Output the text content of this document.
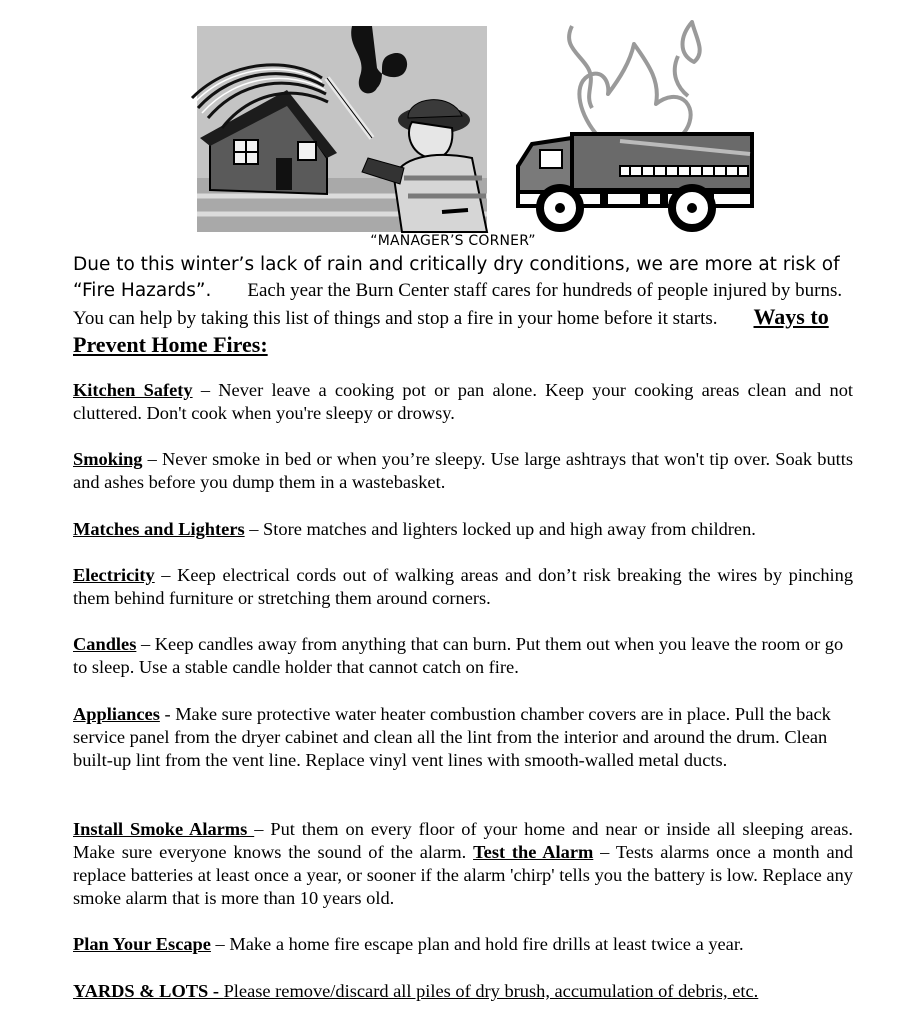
“MANAGER’S CORNER”
Due to this winter’s lack of rain and critically dry conditions, we are more at risk of “Fire Hazards”. Each year the Burn Center staff cares for hundreds of people injured by burns. You can help by taking this list of things and stop a fire in your home before it starts. Ways to Prevent Home Fires:
Kitchen Safety – Never leave a cooking pot or pan alone. Keep your cooking areas clean and not cluttered. Don't cook when you're sleepy or drowsy.
Smoking – Never smoke in bed or when you’re sleepy. Use large ashtrays that won't tip over. Soak butts and ashes before you dump them in a wastebasket.
Matches and Lighters – Store matches and lighters locked up and high away from children.
Electricity – Keep electrical cords out of walking areas and don’t risk breaking the wires by pinching them behind furniture or stretching them around corners.
Candles – Keep candles away from anything that can burn. Put them out when you leave the room or go to sleep. Use a stable candle holder that cannot catch on fire.
Appliances - Make sure protective water heater combustion chamber covers are in place. Pull the back service panel from the dryer cabinet and clean all the lint from the interior and around the drum. Clean built-up lint from the vent line. Replace vinyl vent lines with smooth-walled metal ducts.
Install Smoke Alarms – Put them on every floor of your home and near or inside all sleeping areas. Make sure everyone knows the sound of the alarm. Test the Alarm – Tests alarms once a month and replace batteries at least once a year, or sooner if the alarm 'chirp' tells you the battery is low. Replace any smoke alarm that is more than 10 years old.
Plan Your Escape – Make a home fire escape plan and hold fire drills at least twice a year.
YARDS & LOTS - Please remove/discard all piles of dry brush, accumulation of debris, etc.
